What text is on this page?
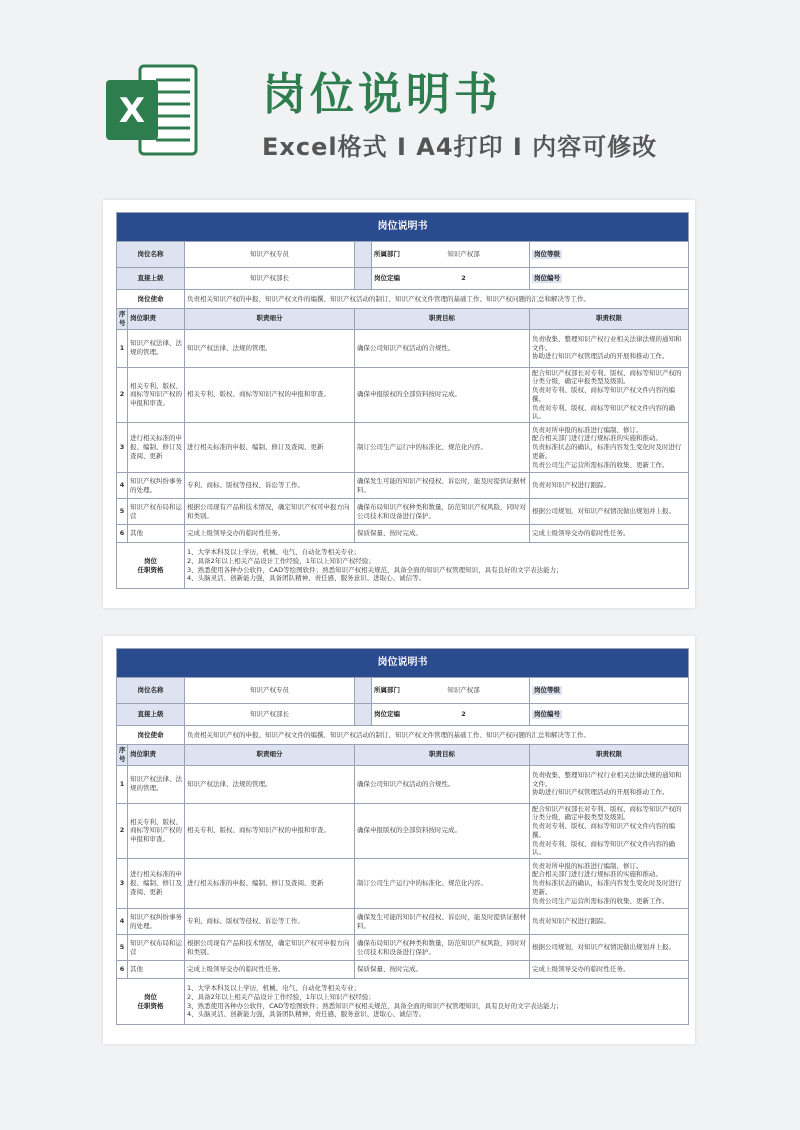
X	岗位说明书
Excel格式 I A4打印 I 内容可修改
岗位说明书					
岗位名称		知识产权专员		所属部门 知识产权部	岗位等级

直接上级		知识产权部长		岗位定编 2	岗位编号

岗位使命		负责相关知识产权的申报、知识产权文件的编撰、知识产权活动的制订、知识产权文件管理的基础工作、知识产权问题的汇总和解决等工作。			
序号	岗位职责	职责细分	职责目标		职责权限
1	知识产权法律、法规的管理。	知识产权法律、法规的管理。	确保公司知识产权活动的合规性。		负责收集、整理知识产权行业相关法律法规的通知和文件。
协助进行知识产权管理活动的开展和推动工作。

2	相关专利、版权、商标等知识产权的申报和审查。	相关专利、版权、商标等知识产权的申报和审查。	确保申报版权的全部资料按时完成。		配合知识产权部长对专利、版权、商标等知识产权的分类分级，确定申报类型及级别。
负责对专利、版权、商标等知识产权文件内容的编撰。
负责对专利、版权、商标等知识产权文件内容的确认。

3	进行相关标准的申报、编制、修订及查阅、更新	进行相关标准的申报、编制、修订及查阅、更新	制订公司生产运行中的标准化、规范化内容。		负责对所申报的标准进行编制、修订。
配合相关部门进行进行规标准的实施和推动。
负责标准状态的确认，标准内容发生变化时及时进行更新。
负责公司生产运营所需标准的收集、更新工作。

4	知识产权纠纷事务的处理。	专利、商标、版权等侵权、诉讼等工作。	确保发生可能的知识产权侵权、诉讼时，能及时提供证据材料。		负责对知识产权进行跟踪。

5	知识产权布局和运营	根据公司现有产品和技术情况，确定知识产权可申报方向和类别。	确保布局知识产权种类和数量，防范知识产权风险，同时对公司技术和设备进行保护。		根据公司规划，对知识产权情况做出规划并上报。

6	其他	完成上级领导交办的临时性任务。	保质保量、按时完成。		完成上级领导交办的临时性任务。

岗位
任职资格		1、大学本科及以上学历，机械、电气、自动化等相关专业；
2、具备2年以上相关产品设计工作经验，1年以上知识产权经验；
3、熟悉使用各种办公软件，CAD等绘图软件；熟悉知识产权相关规范，具备全面的知识产权管理知识，具有良好的文字表达能力；
4、头脑灵活、创新能力强，具备团队精神、责任感、服务意识、进取心、诚信等。			
岗位说明书					
岗位名称		知识产权专员		所属部门 知识产权部	岗位等级

直接上级		知识产权部长		岗位定编 2	岗位编号

岗位使命		负责相关知识产权的申报、知识产权文件的编撰、知识产权活动的制订、知识产权文件管理的基础工作、知识产权问题的汇总和解决等工作。			
序号	岗位职责	职责细分	职责目标		职责权限
1	知识产权法律、法规的管理。	知识产权法律、法规的管理。	确保公司知识产权活动的合规性。		负责收集、整理知识产权行业相关法律法规的通知和文件。
协助进行知识产权管理活动的开展和推动工作。

2	相关专利、版权、商标等知识产权的申报和审查。	相关专利、版权、商标等知识产权的申报和审查。	确保申报版权的全部资料按时完成。		配合知识产权部长对专利、版权、商标等知识产权的分类分级，确定申报类型及级别。
负责对专利、版权、商标等知识产权文件内容的编撰。
负责对专利、版权、商标等知识产权文件内容的确认。

3	进行相关标准的申报、编制、修订及查阅、更新	进行相关标准的申报、编制、修订及查阅、更新	制订公司生产运行中的标准化、规范化内容。		负责对所申报的标准进行编制、修订。
配合相关部门进行进行规标准的实施和推动。
负责标准状态的确认，标准内容发生变化时及时进行更新。
负责公司生产运营所需标准的收集、更新工作。

4	知识产权纠纷事务的处理。	专利、商标、版权等侵权、诉讼等工作。	确保发生可能的知识产权侵权、诉讼时，能及时提供证据材料。		负责对知识产权进行跟踪。

5	知识产权布局和运营	根据公司现有产品和技术情况，确定知识产权可申报方向和类别。	确保布局知识产权种类和数量，防范知识产权风险，同时对公司技术和设备进行保护。		根据公司规划，对知识产权情况做出规划并上报。

6	其他	完成上级领导交办的临时性任务。	保质保量、按时完成。		完成上级领导交办的临时性任务。

岗位
任职资格		1、大学本科及以上学历，机械、电气、自动化等相关专业；
2、具备2年以上相关产品设计工作经验，1年以上知识产权经验；
3、熟悉使用各种办公软件，CAD等绘图软件；熟悉知识产权相关规范，具备全面的知识产权管理知识，具有良好的文字表达能力；
4、头脑灵活、创新能力强，具备团队精神、责任感、服务意识、进取心、诚信等。			
